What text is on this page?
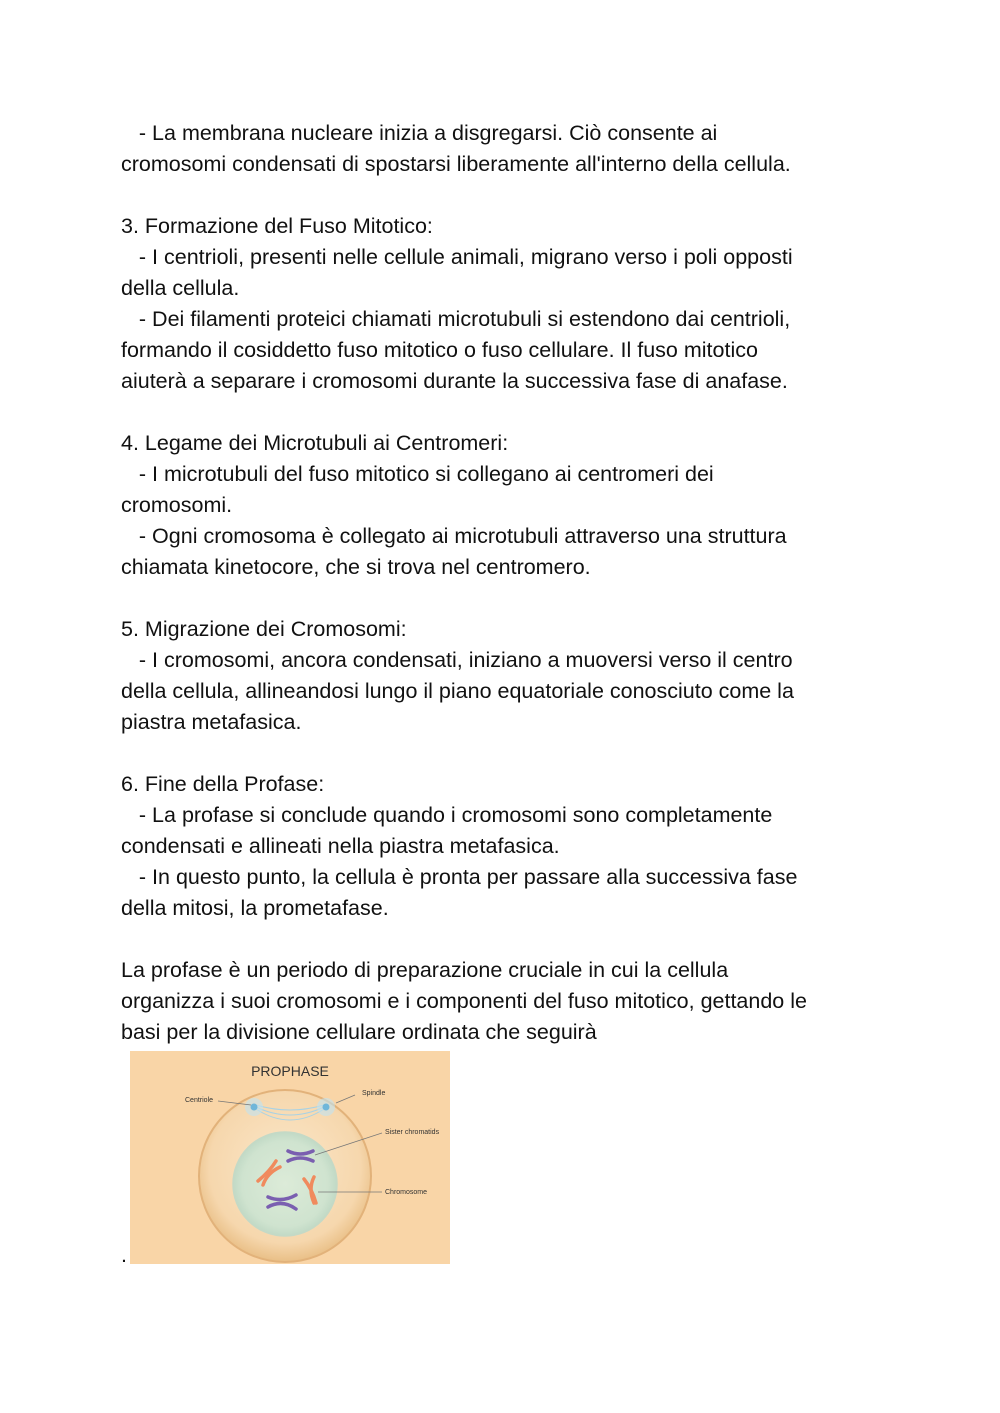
- La membrana nucleare inizia a disgregarsi. Ciò consente ai
cromosomi condensati di spostarsi liberamente all'interno della cellula.
3. Formazione del Fuso Mitotico:
- I centrioli, presenti nelle cellule animali, migrano verso i poli opposti
della cellula.
- Dei filamenti proteici chiamati microtubuli si estendono dai centrioli,
formando il cosiddetto fuso mitotico o fuso cellulare. Il fuso mitotico
aiuterà a separare i cromosomi durante la successiva fase di anafase.
4. Legame dei Microtubuli ai Centromeri:
- I microtubuli del fuso mitotico si collegano ai centromeri dei
cromosomi.
- Ogni cromosoma è collegato ai microtubuli attraverso una struttura
chiamata kinetocore, che si trova nel centromero.
5. Migrazione dei Cromosomi:
- I cromosomi, ancora condensati, iniziano a muoversi verso il centro
della cellula, allineandosi lungo il piano equatoriale conosciuto come la
piastra metafasica.
6. Fine della Profase:
- La profase si conclude quando i cromosomi sono completamente
condensati e allineati nella piastra metafasica.
- In questo punto, la cellula è pronta per passare alla successiva fase
della mitosi, la prometafase.
La profase è un periodo di preparazione cruciale in cui la cellula
organizza i suoi cromosomi e i componenti del fuso mitotico, gettando le
basi per la divisione cellulare ordinata che seguirà
.
PROPHASE
Centriole
Spindle
Sister chromatids
Chromosome
